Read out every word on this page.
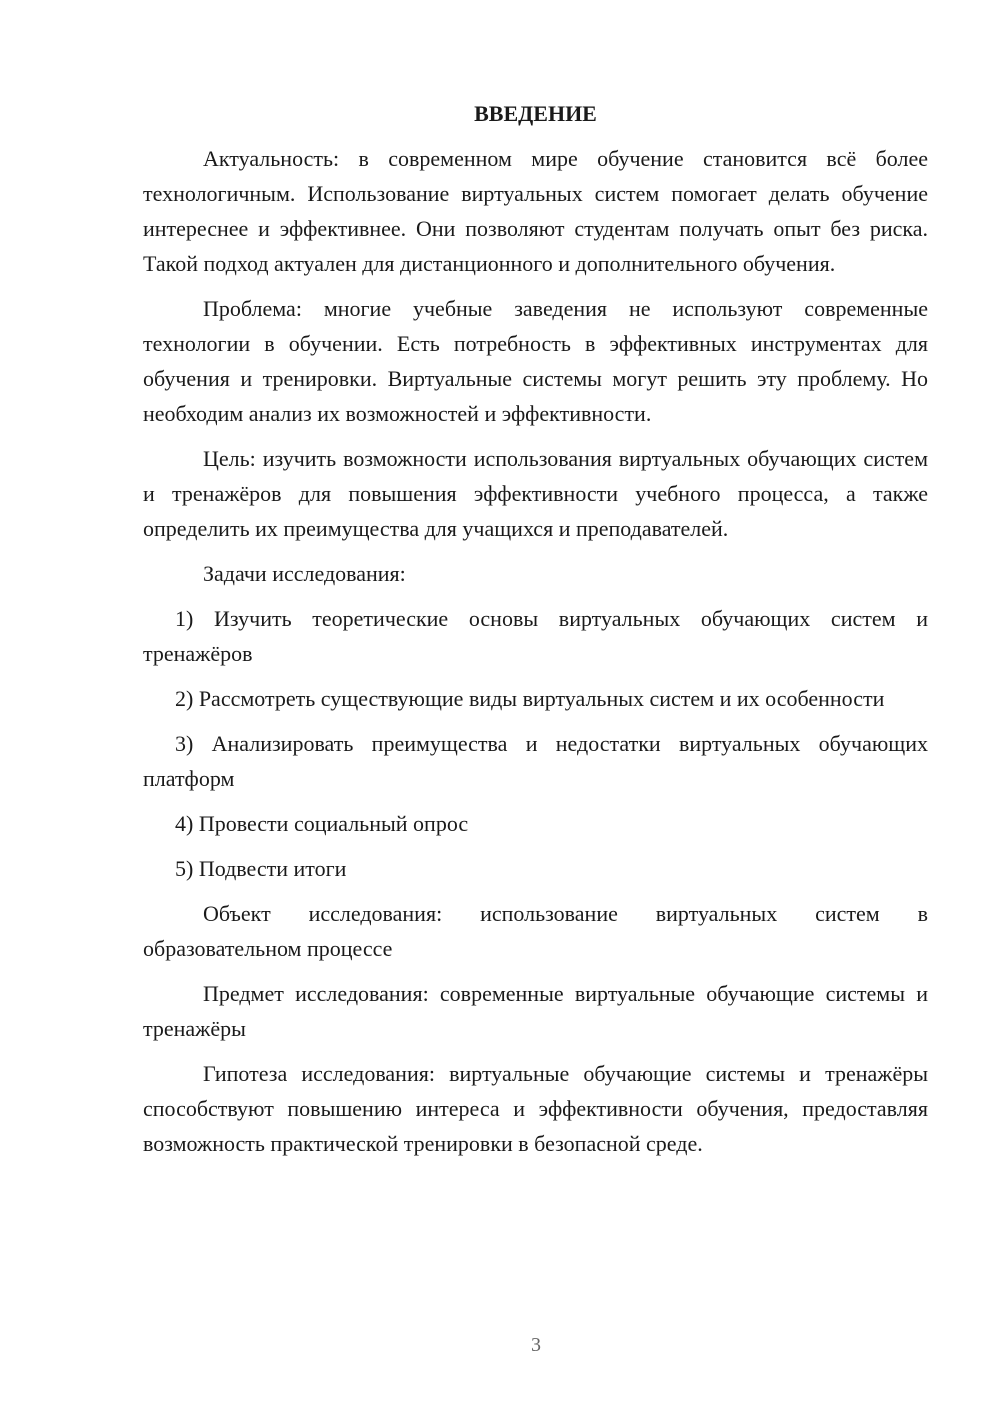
ВВЕДЕНИЕ

Актуальность: в современном мире обучение становится всё более технологичным. Использование виртуальных систем помогает делать обучение интереснее и эффективнее. Они позволяют студентам получать опыт без риска. Такой подход актуален для дистанционного и дополнительного обучения.

Проблема: многие учебные заведения не используют современные технологии в обучении. Есть потребность в эффективных инструментах для обучения и тренировки. Виртуальные системы могут решить эту проблему. Но необходим анализ их возможностей и эффективности.

Цель: изучить возможности использования виртуальных обучающих систем и тренажёров для повышения эффективности учебного процесса, а также определить их преимущества для учащихся и преподавателей.

Задачи исследования:

1) Изучить теоретические основы виртуальных обучающих систем и тренажёров

2) Рассмотреть существующие виды виртуальных систем и их особенности

3) Анализировать преимущества и недостатки виртуальных обучающих платформ

4) Провести социальный опрос

5) Подвести итоги

Объект исследования: использование виртуальных систем в образовательном процессе

Предмет исследования: современные виртуальные обучающие системы и тренажёры

Гипотеза исследования: виртуальные обучающие системы и тренажёры способствуют повышению интереса и эффективности обучения, предоставляя возможность практической тренировки в безопасной среде.

3
